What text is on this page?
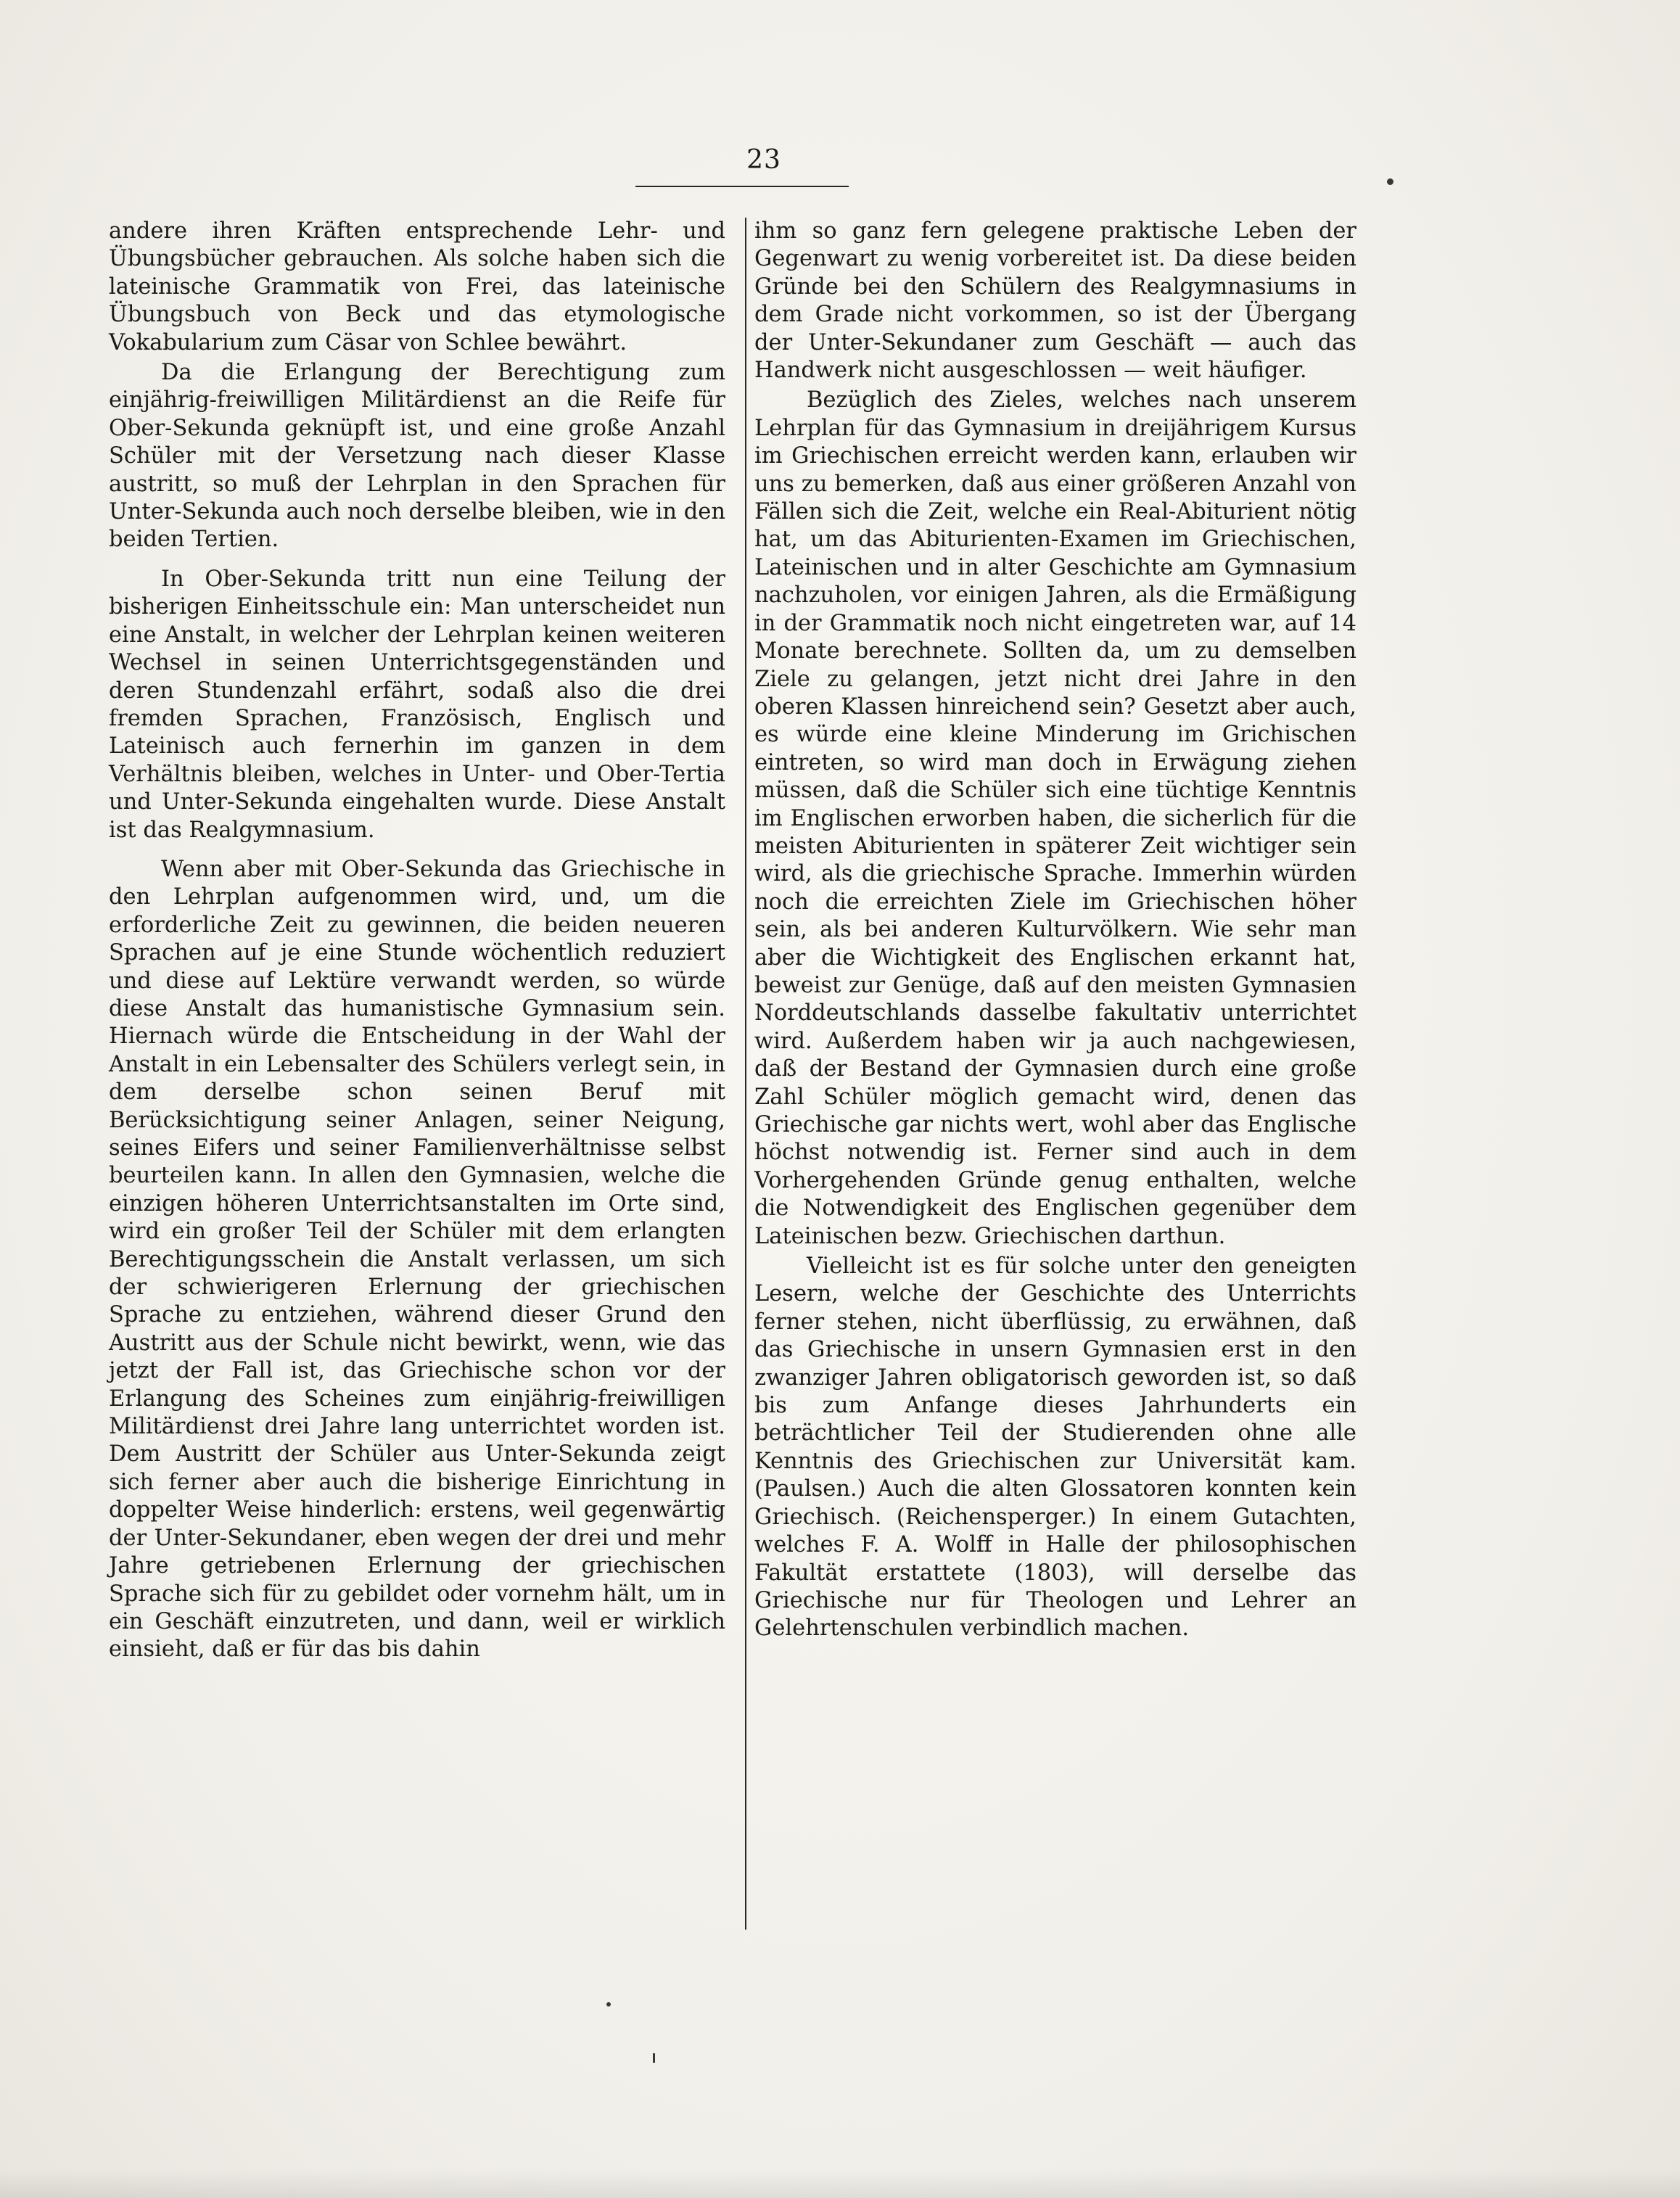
23

andere ihren Kräften entsprechende Lehr- und Übungsbücher gebrauchen. Als solche haben sich die lateinische Grammatik von Frei, das lateinische Übungsbuch von Beck und das etymologische Vokabularium zum Cäsar von Schlee bewährt.

Da die Erlangung der Berechtigung zum einjährig-freiwilligen Militärdienst an die Reife für Ober-Sekunda geknüpft ist, und eine große Anzahl Schüler mit der Versetzung nach dieser Klasse austritt, so muß der Lehrplan in den Sprachen für Unter-Sekunda auch noch derselbe bleiben, wie in den beiden Tertien.

In Ober-Sekunda tritt nun eine Teilung der bisherigen Einheitsschule ein: Man unterscheidet nun eine Anstalt, in welcher der Lehrplan keinen weiteren Wechsel in seinen Unterrichtsgegenständen und deren Stundenzahl erfährt, sodaß also die drei fremden Sprachen, Französisch, Englisch und Lateinisch auch fernerhin im ganzen in dem Verhältnis bleiben, welches in Unter- und Ober-Tertia und Unter-Sekunda eingehalten wurde. Diese Anstalt ist das Realgymnasium.

Wenn aber mit Ober-Sekunda das Griechische in den Lehrplan aufgenommen wird, und, um die erforderliche Zeit zu gewinnen, die beiden neueren Sprachen auf je eine Stunde wöchentlich reduziert und diese auf Lektüre verwandt werden, so würde diese Anstalt das humanistische Gymnasium sein. Hiernach würde die Entscheidung in der Wahl der Anstalt in ein Lebensalter des Schülers verlegt sein, in dem derselbe schon seinen Beruf mit Berücksichtigung seiner Anlagen, seiner Neigung, seines Eifers und seiner Familienverhältnisse selbst beurteilen kann. In allen den Gymnasien, welche die einzigen höheren Unterrichtsanstalten im Orte sind, wird ein großer Teil der Schüler mit dem erlangten Berechtigungsschein die Anstalt verlassen, um sich der schwierigeren Erlernung der griechischen Sprache zu entziehen, während dieser Grund den Austritt aus der Schule nicht bewirkt, wenn, wie das jetzt der Fall ist, das Griechische schon vor der Erlangung des Scheines zum einjährig-freiwilligen Militärdienst drei Jahre lang unterrichtet worden ist. Dem Austritt der Schüler aus Unter-Sekunda zeigt sich ferner aber auch die bisherige Einrichtung in doppelter Weise hinderlich: erstens, weil gegenwärtig der Unter-Sekundaner, eben wegen der drei und mehr Jahre getriebenen Erlernung der griechischen Sprache sich für zu gebildet oder vornehm hält, um in ein Geschäft einzutreten, und dann, weil er wirklich einsieht, daß er für das bis dahin

ihm so ganz fern gelegene praktische Leben der Gegenwart zu wenig vorbereitet ist. Da diese beiden Gründe bei den Schülern des Realgymnasiums in dem Grade nicht vorkommen, so ist der Übergang der Unter-Sekundaner zum Geschäft — auch das Handwerk nicht ausgeschlossen — weit häufiger.

Bezüglich des Zieles, welches nach unserem Lehrplan für das Gymnasium in dreijährigem Kursus im Griechischen erreicht werden kann, erlauben wir uns zu bemerken, daß aus einer größeren Anzahl von Fällen sich die Zeit, welche ein Real-Abiturient nötig hat, um das Abiturienten-Examen im Griechischen, Lateinischen und in alter Geschichte am Gymnasium nachzuholen, vor einigen Jahren, als die Ermäßigung in der Grammatik noch nicht eingetreten war, auf 14 Monate berechnete. Sollten da, um zu demselben Ziele zu gelangen, jetzt nicht drei Jahre in den oberen Klassen hinreichend sein? Gesetzt aber auch, es würde eine kleine Minderung im Grichischen eintreten, so wird man doch in Erwägung ziehen müssen, daß die Schüler sich eine tüchtige Kenntnis im Englischen erworben haben, die sicherlich für die meisten Abiturienten in späterer Zeit wichtiger sein wird, als die griechische Sprache. Immerhin würden noch die erreichten Ziele im Griechischen höher sein, als bei anderen Kulturvölkern. Wie sehr man aber die Wichtigkeit des Englischen erkannt hat, beweist zur Genüge, daß auf den meisten Gymnasien Norddeutschlands dasselbe fakultativ unterrichtet wird. Außerdem haben wir ja auch nachgewiesen, daß der Bestand der Gymnasien durch eine große Zahl Schüler möglich gemacht wird, denen das Griechische gar nichts wert, wohl aber das Englische höchst notwendig ist. Ferner sind auch in dem Vorhergehenden Gründe genug enthalten, welche die Notwendigkeit des Englischen gegenüber dem Lateinischen bezw. Griechischen darthun.

Vielleicht ist es für solche unter den geneigten Lesern, welche der Geschichte des Unterrichts ferner stehen, nicht überflüssig, zu erwähnen, daß das Griechische in unsern Gymnasien erst in den zwanziger Jahren obligatorisch geworden ist, so daß bis zum Anfange dieses Jahrhunderts ein beträchtlicher Teil der Studierenden ohne alle Kenntnis des Griechischen zur Universität kam. (Paulsen.) Auch die alten Glossatoren konnten kein Griechisch. (Reichensperger.) In einem Gutachten, welches F. A. Wolff in Halle der philosophischen Fakultät erstattete (1803), will derselbe das Griechische nur für Theologen und Lehrer an Gelehrtenschulen verbindlich machen.
